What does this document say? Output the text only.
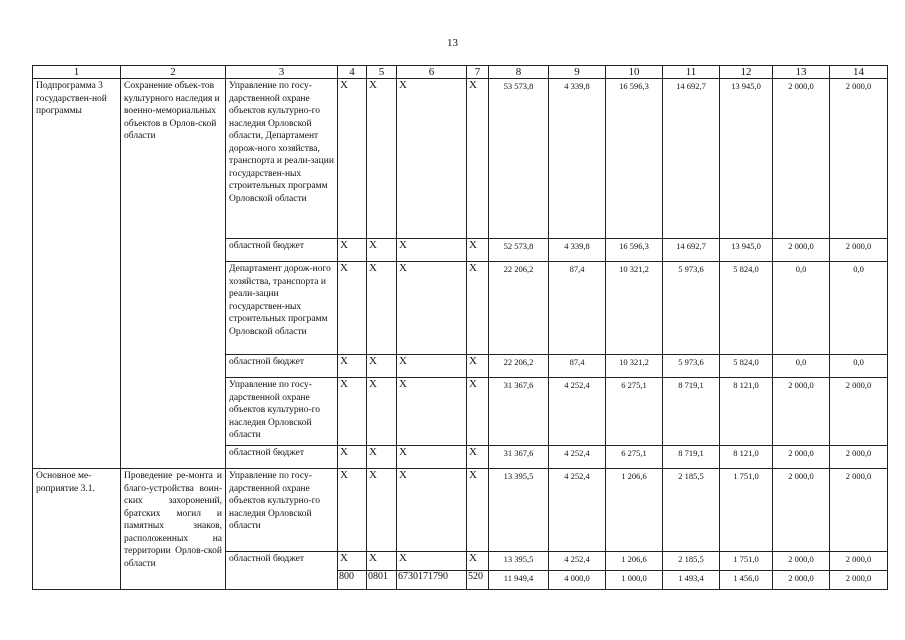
13
1	2	3	4	5	6	7	8	9	10	11	12	13	14
Подпрограмма 3 государствен-ной программы	Сохранение объек-тов культурного наследия и военно-мемориальных объектов в Орлов-ской области	Управление по госу-дарственной охране объектов культурно-го наследия Орловской области, Департамент дорож-ного хозяйства, транспорта и реали-зации государствен-ных строительных программ Орловской области	X	X	X	X	53 573,8	4 339,8	16 596,3	14 692,7	13 945,0	2 000,0	2 000,0
		областной бюджет	X	X	X	X	52 573,8	4 339,8	16 596,3	14 692,7	13 945,0	2 000,0	2 000,0
		Департамент дорож-ного хозяйства, транспорта и реали-зации государствен-ных строительных программ Орловской области	X	X	X	X	22 206,2	87,4	10 321,2	5 973,6	5 824,0	0,0	0,0
		областной бюджет	X	X	X	X	22 206,2	87,4	10 321,2	5 973,6	5 824,0	0,0	0,0
		Управление по госу-дарственной охране объектов культурно-го наследия Орловской области	X	X	X	X	31 367,6	4 252,4	6 275,1	8 719,1	8 121,0	2 000,0	2 000,0
		областной бюджет	X	X	X	X	31 367,6	4 252,4	6 275,1	8 719,1	8 121,0	2 000,0	2 000,0
Основное ме-роприятие 3.1.	Проведение ре-монта и благо-устройства воин-ских захоронений, братских могил и памятных знаков, расположенных на территории Орлов-ской области	Управление по госу-дарственной охране объектов культурно-го наследия Орловской области	X	X	X	X	13 395,5	4 252,4	1 206,6	2 185,5	1 751,0	2 000,0	2 000,0
		областной бюджет	X	X	X	X	13 395,5	4 252,4	1 206,6	2 185,5	1 751,0	2 000,0	2 000,0
			800	0801	6730171790	520	11 949,4	4 000,0	1 000,0	1 493,4	1 456,0	2 000,0	2 000,0
